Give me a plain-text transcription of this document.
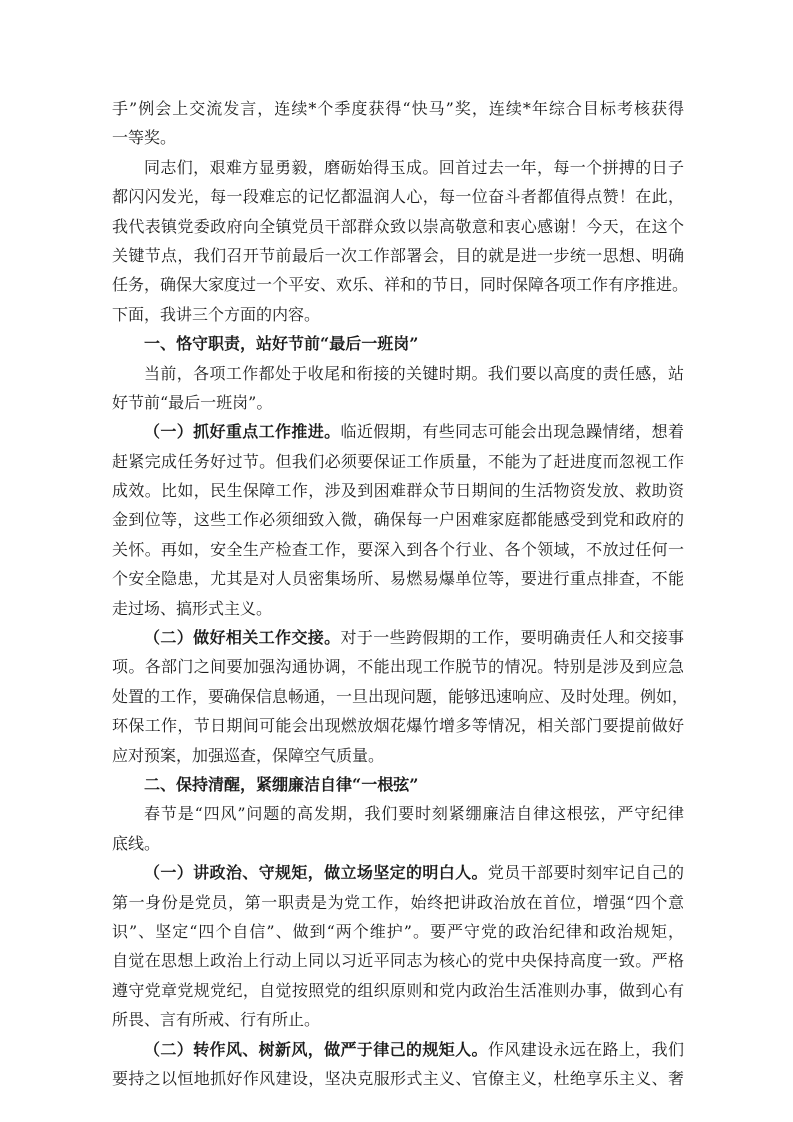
手”例会上交流发言，连续*个季度获得“快马”奖，连续*年综合目标考核获得
一等奖。
同志们，艰难方显勇毅，磨砺始得玉成。回首过去一年，每一个拼搏的日子
都闪闪发光，每一段难忘的记忆都温润人心，每一位奋斗者都值得点赞！在此，
我代表镇党委政府向全镇党员干部群众致以崇高敬意和衷心感谢！今天，在这个
关键节点，我们召开节前最后一次工作部署会，目的就是进一步统一思想、明确
任务，确保大家度过一个平安、欢乐、祥和的节日，同时保障各项工作有序推进。
下面，我讲三个方面的内容。
一、恪守职责，站好节前“最后一班岗”
当前，各项工作都处于收尾和衔接的关键时期。我们要以高度的责任感，站
好节前“最后一班岗”。
（一）抓好重点工作推进。临近假期，有些同志可能会出现急躁情绪，想着
赶紧完成任务好过节。但我们必须要保证工作质量，不能为了赶进度而忽视工作
成效。比如，民生保障工作，涉及到困难群众节日期间的生活物资发放、救助资
金到位等，这些工作必须细致入微，确保每一户困难家庭都能感受到党和政府的
关怀。再如，安全生产检查工作，要深入到各个行业、各个领域，不放过任何一
个安全隐患，尤其是对人员密集场所、易燃易爆单位等，要进行重点排查，不能
走过场、搞形式主义。
（二）做好相关工作交接。对于一些跨假期的工作，要明确责任人和交接事
项。各部门之间要加强沟通协调，不能出现工作脱节的情况。特别是涉及到应急
处置的工作，要确保信息畅通，一旦出现问题，能够迅速响应、及时处理。例如，
环保工作，节日期间可能会出现燃放烟花爆竹增多等情况，相关部门要提前做好
应对预案，加强巡查，保障空气质量。
二、保持清醒，紧绷廉洁自律“一根弦”
春节是“四风”问题的高发期，我们要时刻紧绷廉洁自律这根弦，严守纪律
底线。
（一）讲政治、守规矩，做立场坚定的明白人。党员干部要时刻牢记自己的
第一身份是党员，第一职责是为党工作，始终把讲政治放在首位，增强“四个意
识”、坚定“四个自信”、做到“两个维护”。要严守党的政治纪律和政治规矩，
自觉在思想上政治上行动上同以习近平同志为核心的党中央保持高度一致。严格
遵守党章党规党纪，自觉按照党的组织原则和党内政治生活准则办事，做到心有
所畏、言有所戒、行有所止。
（二）转作风、树新风，做严于律己的规矩人。作风建设永远在路上，我们
要持之以恒地抓好作风建设，坚决克服形式主义、官僚主义，杜绝享乐主义、奢
